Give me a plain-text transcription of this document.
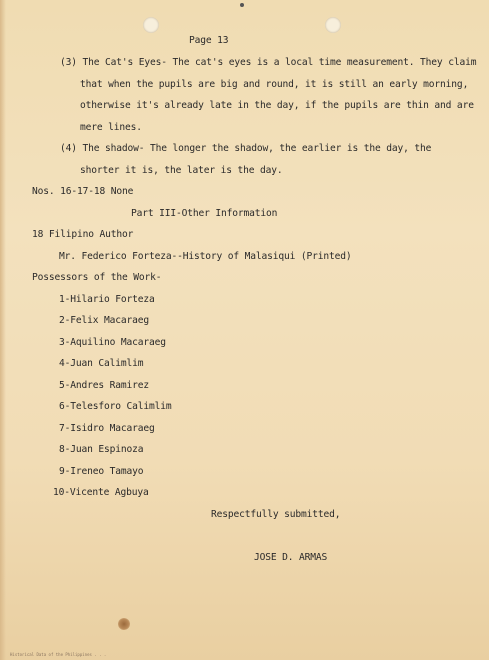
Page 13
(3) The Cat's Eyes- The cat's eyes is a local time measurement. They claim
that when the pupils are big and round, it is still an early morning,
otherwise it's already late in the day, if the pupils are thin and are
mere lines.
(4) The shadow- The longer the shadow, the earlier is the day, the
shorter it is, the later is the day.
Nos. 16-17-18 None
Part III-Other Information
18 Filipino Author
Mr. Federico Forteza--History of Malasiqui (Printed)
Possessors of the Work-
1-Hilario Forteza
2-Felix Macaraeg
3-Aquilino Macaraeg
4-Juan Calimlim
5-Andres Ramirez
6-Telesforo Calimlim
7-Isidro Macaraeg
8-Juan Espinoza
9-Ireneo Tamayo
10-Vicente Agbuya
Respectfully submitted,
JOSE D. ARMAS
Historical Data of the Philippines . . .
